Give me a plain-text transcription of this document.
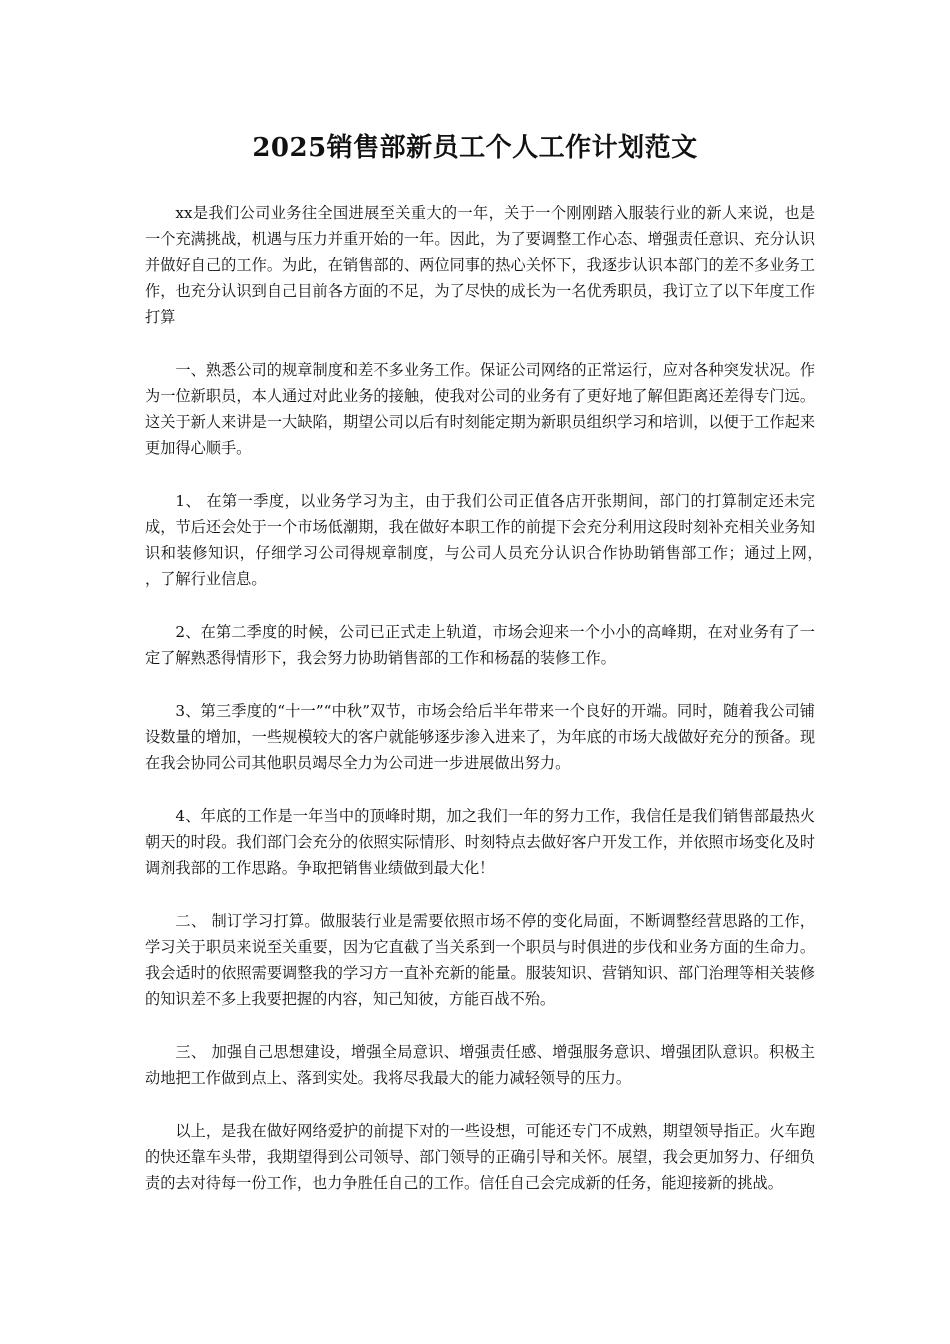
2025销售部新员工个人工作计划范文

xx是我们公司业务往全国进展至关重大的一年，关于一个刚刚踏入服装行业的新人来说，也是一个充满挑战，机遇与压力并重开始的一年。因此，为了要调整工作心态、增强责任意识、充分认识并做好自己的工作。为此，在销售部的、两位同事的热心关怀下，我逐步认识本部门的差不多业务工作，也充分认识到自己目前各方面的不足，为了尽快的成长为一名优秀职员，我订立了以下年度工作打算

一、熟悉公司的规章制度和差不多业务工作。保证公司网络的正常运行，应对各种突发状况。作为一位新职员，本人通过对此业务的接触，使我对公司的业务有了更好地了解但距离还差得专门远。这关于新人来讲是一大缺陷，期望公司以后有时刻能定期为新职员组织学习和培训，以便于工作起来更加得心顺手。

1、 在第一季度，以业务学习为主，由于我们公司正值各店开张期间，部门的打算制定还未完成，节后还会处于一个市场低潮期，我在做好本职工作的前提下会充分利用这段时刻补充相关业务知识和装修知识，仔细学习公司得规章制度，与公司人员充分认识合作协助销售部工作；通过上网，　，了解行业信息。

2、在第二季度的时候，公司已正式走上轨道，市场会迎来一个小小的高峰期，在对业务有了一定了解熟悉得情形下，我会努力协助销售部的工作和杨磊的装修工作。

3、第三季度的“十一”“中秋”双节，市场会给后半年带来一个良好的开端。同时，随着我公司铺设数量的增加，一些规模较大的客户就能够逐步渗入进来了，为年底的市场大战做好充分的预备。现在我会协同公司其他职员竭尽全力为公司进一步进展做出努力。

4、年底的工作是一年当中的顶峰时期，加之我们一年的努力工作，我信任是我们销售部最热火朝天的时段。我们部门会充分的依照实际情形、时刻特点去做好客户开发工作，并依照市场变化及时调剂我部的工作思路。争取把销售业绩做到最大化！

二、 制订学习打算。做服装行业是需要依照市场不停的变化局面，不断调整经营思路的工作，学习关于职员来说至关重要，因为它直截了当关系到一个职员与时俱进的步伐和业务方面的生命力。我会适时的依照需要调整我的学习方一直补充新的能量。服装知识、营销知识、部门治理等相关装修的知识差不多上我要把握的内容，知己知彼，方能百战不殆。

三、 加强自己思想建设，增强全局意识、增强责任感、增强服务意识、增强团队意识。积极主动地把工作做到点上、落到实处。我将尽我最大的能力减轻领导的压力。

以上，是我在做好网络爱护的前提下对的一些设想，可能还专门不成熟，期望领导指正。火车跑的快还靠车头带，我期望得到公司领导、部门领导的正确引导和关怀。展望，我会更加努力、仔细负责的去对待每一份工作，也力争胜任自己的工作。信任自己会完成新的任务，能迎接新的挑战。
